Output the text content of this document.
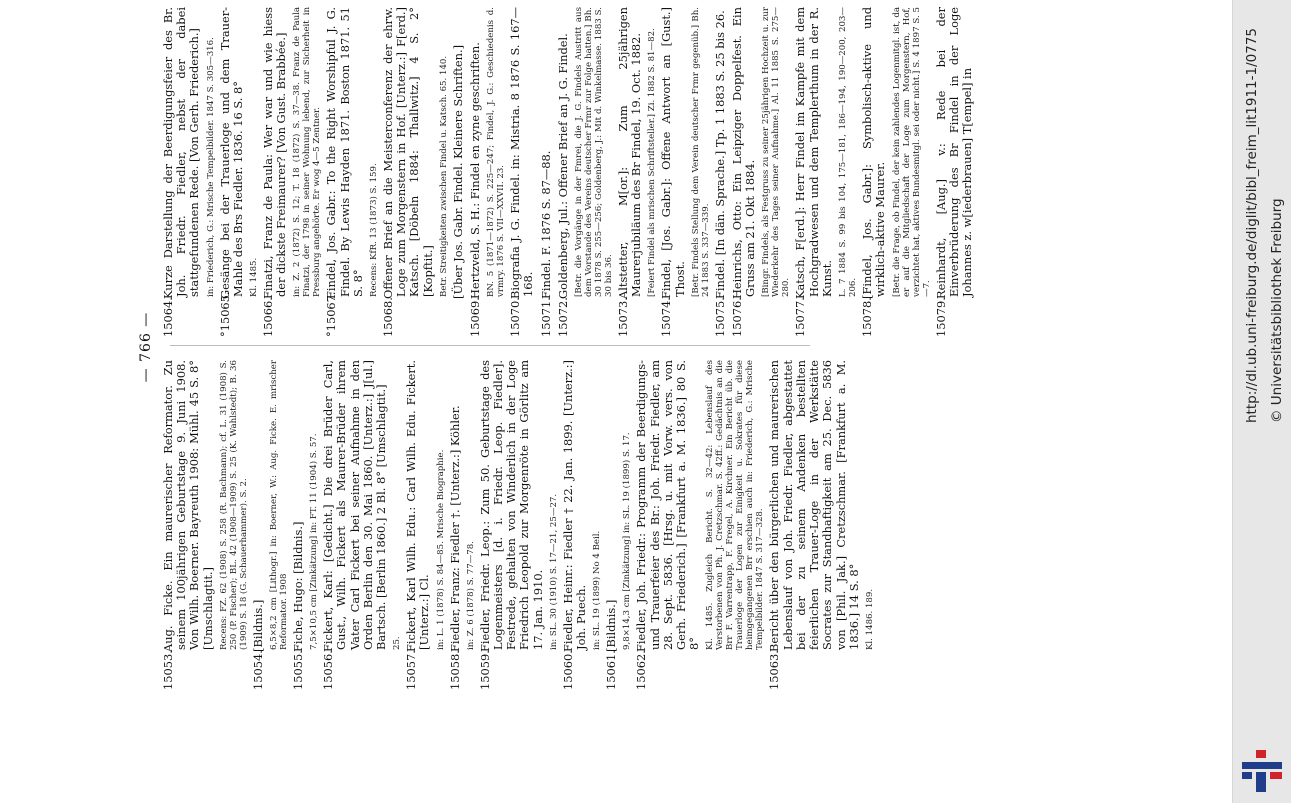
— 766 —
15053.Aug. Ficke. Ein maurerischer Reformator. Zu seinem 100jährigen Geburtstage 9. Juni 1908. Von Wilh. Boerner. Bayreuth 1908: Mühl. 45 S. 8° [Umschlagtit.] Recens: FZ. 62 (1908) S. 258 (R. Bachmann); cf. L. 31 (1908) S. 250 (P. Fischer); BL. 42 (1908—1909) S. 25 (K. Wahlstedt); B. 36 (1909) S. 18 (G. Schauerhammer). S. 2.
15054.[Bildnis.] 6,5×8,2 cm [Lithogr.] in: Boerner, W.: Aug. Ficke. E. mrischer Reformator. 1908
15055.Fiche, Hugo: [Bildnis.] 7,5×10,5 cm [Zinkätzung] in: FT. 11 (1904) S. 57.
15056.Fickert, Karl: [Gedicht.] Die drei Brüder Carl, Gust., Wilh. Fickert als Maurer-Brüder ihrem Vater Carl Fickert bei seiner Aufnahme in den Orden Berlin den 30. Mai 1860. [Unterz.:] J[ul.] Bartsch. [Berlin 1860.] 2 Bl. 8° [Umschlagtit.] 25.
15057.Fickert, Karl Wilh. Edu.: Carl Wilh. Edu. Fickert. [Unterz.:] Cl. in: L. 1 (1878) S. 84—85. Mrische Biographie.
15058.Fiedler, Franz: Fiedler †. [Unterz.:] Köhler. in: Z. 6 (1878) S. 77—78.
15059.Fiedler, Friedr. Leop.: Zum 50. Geburtstage des Logenmeisters [d. i. Friedr. Leop. Fiedler]. Festrede, gehalten von Winderlich in der Loge Friedrich Leopold zur Morgenröte in Görlitz am 17. Jan. 1910. in: SL. 30 (1910) S. 17—21, 25—27.
15060.Fiedler, Heinr.: Fiedler † 22. Jan. 1899. [Unterz.:] Joh. Puech. in: SL. 19 (1899) No 4 Beil.
15061.[Bildnis.] 9,8×14,3 cm [Zinkätzung] in: SL. 19 (1899) S. 17.
15062.Fiedler, Joh. Friedr.: Programm der Beerdigungs- und Trauerfeier des Br.: Joh. Friedr. Fiedler, am 28. Sept. 5836. [Hrsg. u. mit Vorw. vers. von Gerh. Friederich.] [Frankfurt a. M. 1836.] 80 S. 8° Kl. 1485. Zugleich Bericht. S. 32—42: Lebenslauf des Verstorbenen von Ph. J. Cretzschmar. S. 42ff.: Gedächtnis an die Brr F. Varrentrapp, F. Fregel, A. Kirchner. Ein Bericht üb. die Trauerloge der Logen zur Einigkeit u. Sokrates für diese heimgegangenen Brr erschien auch in: Friederich, G.: Mrische Tempelbilder. 1847 S. 317—328.
15063.Bericht über den bürgerlichen und maurerischen Lebenslauf von Joh. Friedr. Fiedler, abgestattet bei der zu seinem Andenken bestellten feierlichen Trauer-Loge in der Werkstätte Socrates zur Standhaftigkeit am 25. Dec. 5836 von [Phil. Jak.] Cretzschmar. [Frankfurt a. M. 1836.] 14 S. 8° Kl. 1486. 189.
15064.Kurze Darstellung der Beerdigungsfeier des Br. Joh. Friedr. Fiedler, nebst der dabei stattgefundenen Rede. [Von Gerh. Friederich.] in: Friederich, G.: Mrische Tempelbilder. 1847 S. 305—316.
°15065.Gesänge bei der Trauerloge und dem Trauer-Mahle des Brs Fiedler. 1836. 16 S. 8° Kl. 1485.
15066.Finatzi, Franz de Paula: Wer war und wie hiess der dickste Freimaurer? [Von Gust. Brabbée.] in: Z. 2 (1872) S. 12; T. 18 (1872) S. 37—38. Franz de Paula Finatzi, der 1798 in seiner Wohnung lebend, zur Sicherheit in Pressburg angehörte. Er wog 4—5 Zentner.
°15067.Findel, Jos. Gabr.: To the Right Worshipful J. G. Findel. By Lewis Hayden 1871. Boston 1871. 51 S. 8° Recens: KfR. 13 (1873) S. 159.
15068.Offener Brief an die Meisterconferenz der ehrw. Loge zum Morgenstern in Hof. [Unterz.:] F[erd.] Katsch. [Döbeln 1884: Thallwitz.] 4 S. 2° [Kopftit.] Betr. Streitigkeiten zwischen Findel u. Katsch. 65. 140. [Über Jos. Gabr. Findel. Kleinere Schriften.]
15069.Hertzveld, S. H.: Findel en zyne geschriften. BN. 5 (1871—1872) S. 225—247; Findel, J. G.: Geschiedenis d. vrmry. 1876 S. VII—XXVII. 23.
15070.Biografia J. G. Findel. in: Mistria. 8 1876 S. 167—168.
15071.Findel. F. 1876 S. 87—88.
15072.Goldenberg, Jul.: Offener Brief an J. G. Findel. [Betr. die Vorgänge in der Fmrei, die J. G. Findels Austritt aus dem Vorstande des Vereins deutscher Frmr zur Folge hatten.] Bh. 30 1878 S. 255—256; Goldenberg, J.: Mit d. Winkelmasse. 1883 S. 30 bis 36.
15073.Altstetter, M[or.]: Zum 25jährigen Maurerjubiläum des Br Findel, 19. Oct. 1882. [Feiert Findel als mrischen Schriftsteller.] Zi. 1882 S. 81—82.
15074.Findel, [Jos. Gabr.]: Offene Antwort an [Gust.] Thost. [Betr. Findels Stellung dem Verein deutscher Frmr gegenüb.] Bh. 24 1883 S. 337—339.
15075.Findel. [In dän. Sprache.] Tp. 1 1883 S. 25 bis 26.
15076.Heinrichs, Otto: Ein Leipziger Doppelfest. Ein Gruss am 21. Okt 1884. [Bingr. Findels, als Festgruss zu seiner 25jährigen Hochzeit u. zur Wiederkehr des Tages seiner Aufnahme.] Al. 11 1885 S. 275—280.
15077.Katsch, F[erd.]: Herr Findel im Kampfe mit dem Hochgradwesen und dem Templerthum in der R. Kunst. L. 7 1884 S. 99 bis 104, 175—181, 186—194, 190—200, 203—206.
15078.[Findel, Jos. Gabr.]: Symbolisch-aktive und wirklich-aktive Maurer. [Betr. die Frage, ob Findel, der kein zahlendes Logenmitgl. ist, da er auf die Mitgliedschaft der Loge zum Morgenstern, Hof, verzichtet hat, aktives Bundesmitgl. sei oder nicht.] S. 4 1897 S. 5—7.
15079.Reinhardt, [Aug.] v.: Rede bei der Einverbrüderung des Br Findel in der Loge Johannes z. w[iederbrauen] T[empel] in	http://dl.ub.uni-freiburg.de/diglit/bibl_freim_lit1911-1/0775 © Universitätsbibliothek Freiburg
